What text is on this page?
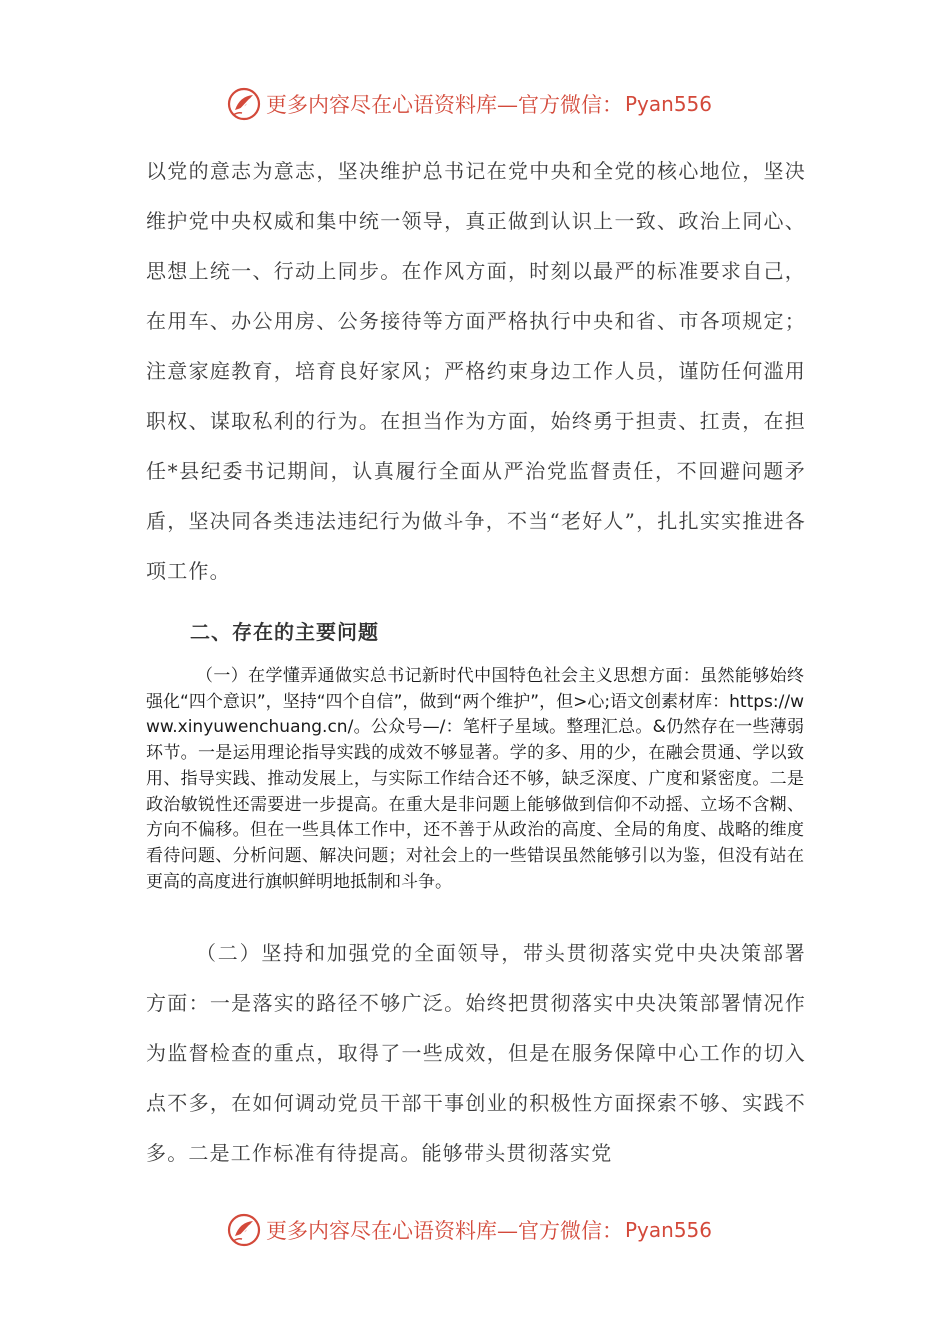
更多内容尽在心语资料库—官方微信： Pyan556

以党的意志为意志，坚决维护总书记在党中央和全党的核心地位，坚决维护党中央权威和集中统一领导，真正做到认识上一致、政治上同心、思想上统一、行动上同步。在作风方面，时刻以最严的标准要求自己，在用车、办公用房、公务接待等方面严格执行中央和省、市各项规定；注意家庭教育，培育良好家风；严格约束身边工作人员，谨防任何滥用职权、谋取私利的行为。在担当作为方面，始终勇于担责、扛责，在担任*县纪委书记期间，认真履行全面从严治党监督责任，不回避问题矛盾，坚决同各类违法违纪行为做斗争，不当“老好人”，扎扎实实推进各项工作。

二、存在的主要问题

（一）在学懂弄通做实总书记新时代中国特色社会主义思想方面：虽然能够始终强化“四个意识”，坚持“四个自信”，做到“两个维护”，但>心;语文创素材库：https://www.xinyuwenchuang.cn/。公众号—/：笔杆子星域。整理汇总。&仍然存在一些薄弱环节。一是运用理论指导实践的成效不够显著。学的多、用的少，在融会贯通、学以致用、指导实践、推动发展上，与实际工作结合还不够，缺乏深度、广度和紧密度。二是政治敏锐性还需要进一步提高。在重大是非问题上能够做到信仰不动摇、立场不含糊、方向不偏移。但在一些具体工作中，还不善于从政治的高度、全局的角度、战略的维度看待问题、分析问题、解决问题；对社会上的一些错误虽然能够引以为鉴，但没有站在更高的高度进行旗帜鲜明地抵制和斗争。

（二）坚持和加强党的全面领导，带头贯彻落实党中央决策部署方面：一是落实的路径不够广泛。始终把贯彻落实中央决策部署情况作为监督检查的重点，取得了一些成效，但是在服务保障中心工作的切入点不多，在如何调动党员干部干事创业的积极性方面探索不够、实践不多。二是工作标准有待提高。能够带头贯彻落实党

更多内容尽在心语资料库—官方微信： Pyan556
